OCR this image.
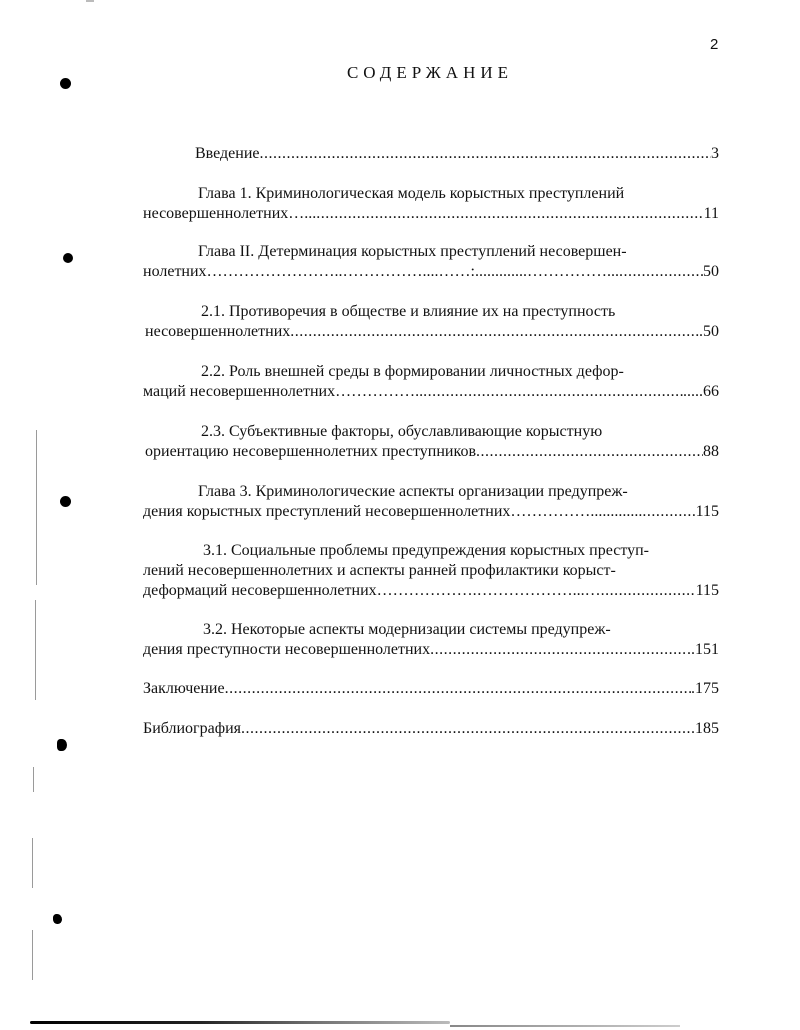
2
СОДЕРЖАНИЕ
Введение .....	3
Глава 1. Криминологическая модель корыстных преступлений
несовершеннолетних…... .....	11
Глава II. Детерминация корыстных преступлений несовершен-
нолетних……………………..……………....……:.............……………... .....	50
2.1. Противоречия в обществе и влияние их на преступность
несовершеннолетних .....	.50
2.2. Роль внешней среды в формировании личностных дефор-
маций несовершеннолетних…………….. .....	.....66
2.3. Субъективные факторы, обуславливающие корыстную
ориентацию несовершеннолетних преступников .....	88
Глава 3. Криминологические аспекты организации предупреж-
дения корыстных преступлений несовершеннолетних……………............. .....	115
3.1. Социальные проблемы предупреждения корыстных преступ-
лений несовершеннолетних и аспекты ранней профилактики корыст-
деформаций несовершеннолетних……………….………………...… .....	115
3.2. Некоторые аспекты модернизации системы предупреж-
дения преступности несовершеннолетних .....	..151
Заключение .....	.175
Библиография .....	.185
